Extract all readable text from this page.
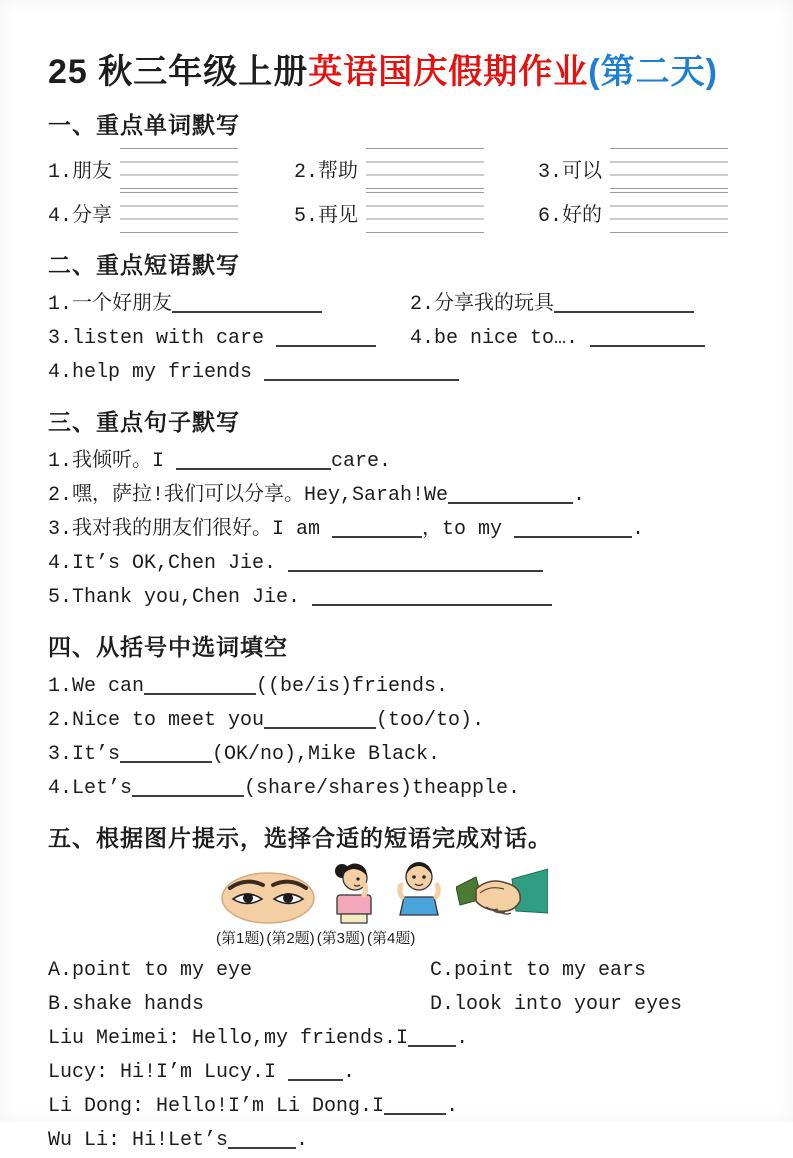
25 秋三年级上册英语国庆假期作业(第二天)
一、重点单词默写
1.朋友	2.帮助	3.可以
4.分享	5.再见	6.好的
二、重点短语默写

1.一个好朋友	2.分享我的玩具

3.listen with care	4.be nice to….

4.help my friends

三、重点句子默写

1.我倾听。I	care.

2.嘿，萨拉!我们可以分享。Hey,Sarah!We	.

3.我对我的朋友们很好。I am	，to my	.

4.It’s OK,Chen Jie.

5.Thank you,Chen Jie.

四、从括号中选词填空

1.We can	((be/is)friends.

2.Nice to meet you	(too/to).

3.It’s	(OK/no),Mike Black.

4.Let’s	(share/shares)theapple.

五、根据图片提示，选择合适的短语完成对话。
(第1题) (第2题) (第3题) (第4题)

A.point to my eye	C.point to my ears

B.shake hands	D.look into your eyes

Liu Meimei: Hello,my friends.I .

Lucy: Hi!I’m Lucy.I	.

Li Dong: Hello!I’m Li Dong.I	.

Wu Li: Hi!Let’s	.
